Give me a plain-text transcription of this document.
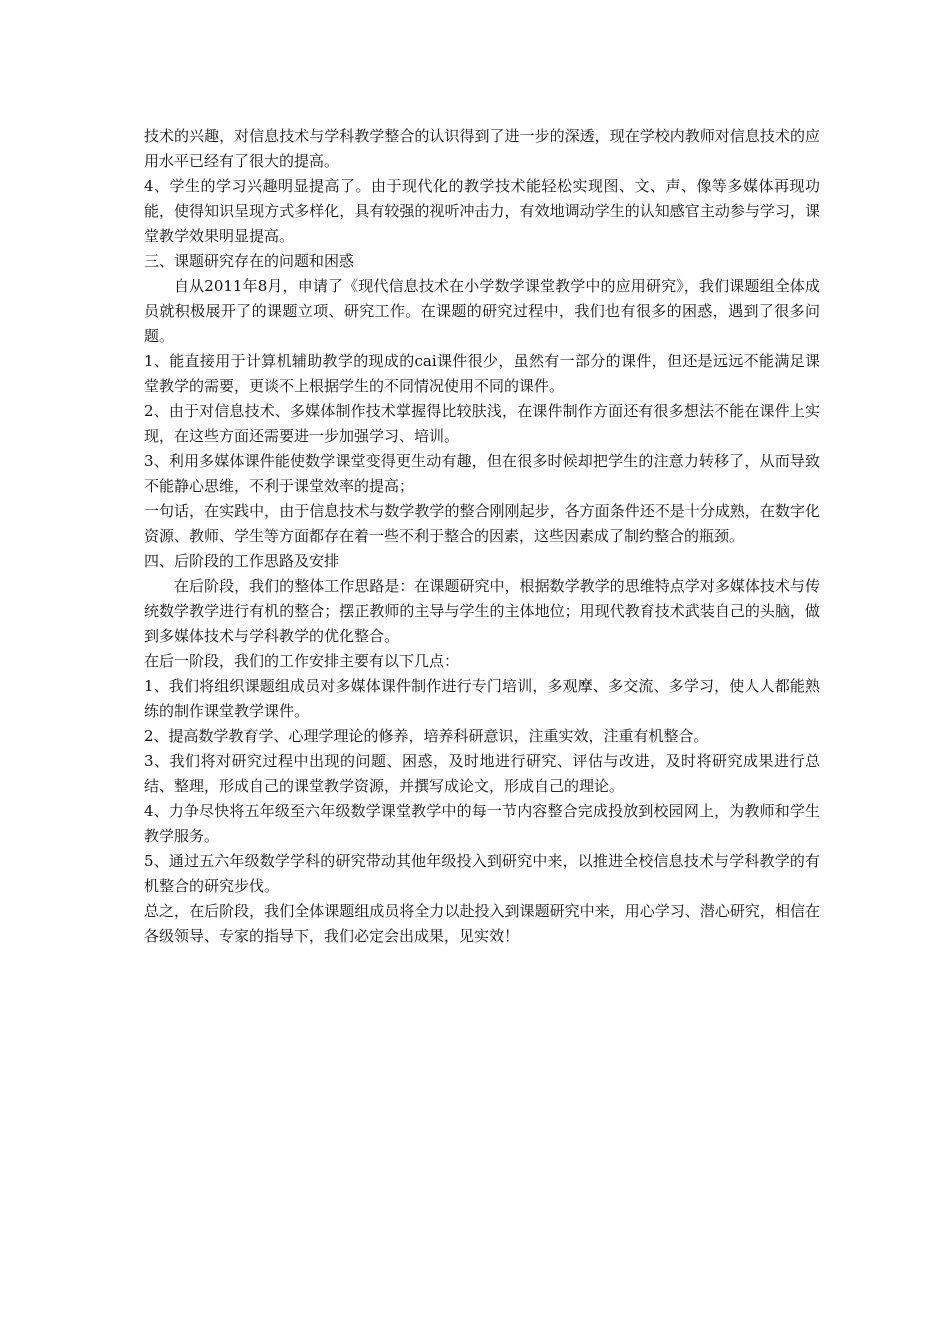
技术的兴趣，对信息技术与学科教学整合的认识得到了进一步的深透，现在学校内教师对信息技术的应用水平已经有了很大的提高。

4、学生的学习兴趣明显提高了。由于现代化的教学技术能轻松实现图、文、声、像等多媒体再现功能，使得知识呈现方式多样化，具有较强的视听冲击力，有效地调动学生的认知感官主动参与学习，课堂教学效果明显提高。

三、课题研究存在的问题和困惑

自从2011年8月，申请了《现代信息技术在小学数学课堂教学中的应用研究》，我们课题组全体成员就积极展开了的课题立项、研究工作。在课题的研究过程中，我们也有很多的困惑，遇到了很多问题。

1、能直接用于计算机辅助教学的现成的cai课件很少，虽然有一部分的课件，但还是远远不能满足课堂教学的需要，更谈不上根据学生的不同情况使用不同的课件。

2、由于对信息技术、多媒体制作技术掌握得比较肤浅，在课件制作方面还有很多想法不能在课件上实现，在这些方面还需要进一步加强学习、培训。

3、利用多媒体课件能使数学课堂变得更生动有趣，但在很多时候却把学生的注意力转移了，从而导致不能静心思维，不利于课堂效率的提高；

一句话，在实践中，由于信息技术与数学教学的整合刚刚起步，各方面条件还不是十分成熟，在数字化资源、教师、学生等方面都存在着一些不利于整合的因素，这些因素成了制约整合的瓶颈。

四、后阶段的工作思路及安排

在后阶段，我们的整体工作思路是：在课题研究中，根据数学教学的思维特点学对多媒体技术与传统数学教学进行有机的整合；摆正教师的主导与学生的主体地位；用现代教育技术武装自己的头脑，做到多媒体技术与学科教学的优化整合。

在后一阶段，我们的工作安排主要有以下几点：

1、我们将组织课题组成员对多媒体课件制作进行专门培训，多观摩、多交流、多学习，使人人都能熟练的制作课堂教学课件。

2、提高数学教育学、心理学理论的修养，培养科研意识，注重实效，注重有机整合。

3、我们将对研究过程中出现的问题、困惑，及时地进行研究、评估与改进，及时将研究成果进行总结、整理，形成自己的课堂教学资源，并撰写成论文，形成自己的理论。

4、力争尽快将五年级至六年级数学课堂教学中的每一节内容整合完成投放到校园网上，为教师和学生教学服务。

5、通过五六年级数学学科的研究带动其他年级投入到研究中来，以推进全校信息技术与学科教学的有机整合的研究步伐。

总之，在后阶段，我们全体课题组成员将全力以赴投入到课题研究中来，用心学习、潜心研究，相信在各级领导、专家的指导下，我们必定会出成果，见实效！
